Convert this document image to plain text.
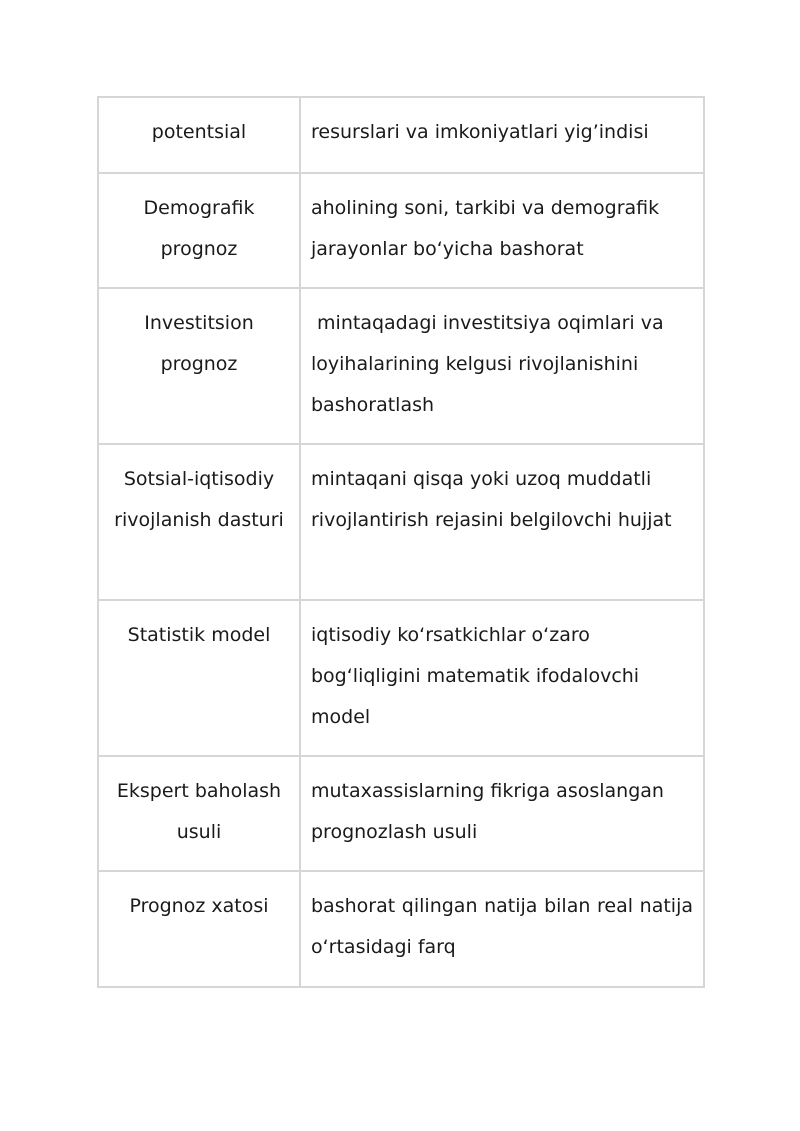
potentsial	resurslari va imkoniyatlari yig’indisi
Demografik prognoz	aholining soni, tarkibi va demografik jarayonlar bo‘yicha bashorat
Investitsion prognoz	mintaqadagi investitsiya oqimlari va loyihalarining kelgusi rivojlanishini bashoratlash
Sotsial-iqtisodiy rivojlanish dasturi	mintaqani qisqa yoki uzoq muddatli rivojlantirish rejasini belgilovchi hujjat
Statistik model	iqtisodiy ko‘rsatkichlar o‘zaro bog‘liqligini matematik ifodalovchi model
Ekspert baholash usuli	mutaxassislarning fikriga asoslangan prognozlash usuli
Prognoz xatosi	bashorat qilingan natija bilan real natija o‘rtasidagi farq
